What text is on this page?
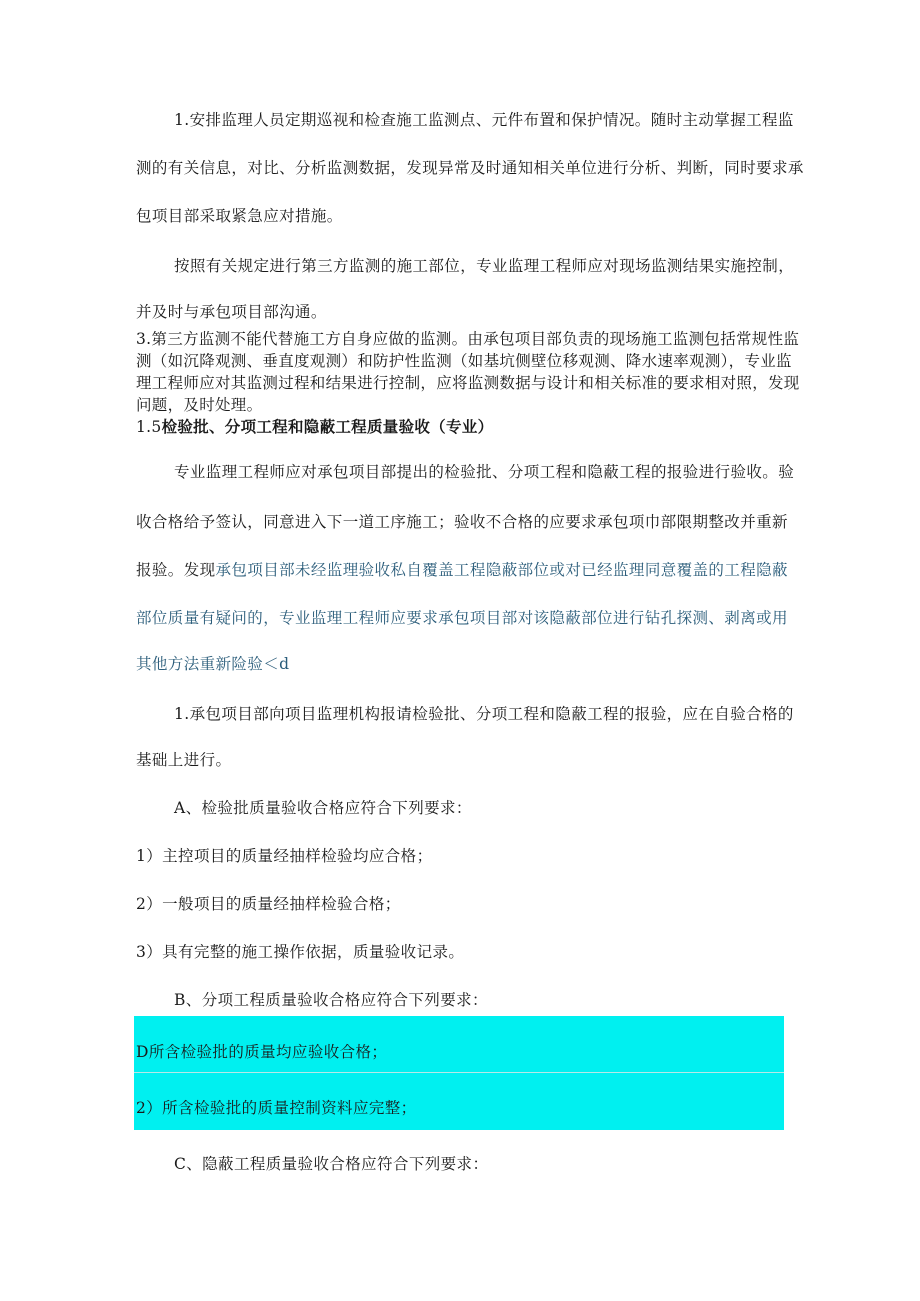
1.安排监理人员定期巡视和检查施工监测点、元件布置和保护情况。随时主动掌握工程监
测的有关信息，对比、分析监测数据，发现异常及时通知相关单位进行分析、判断，同时要求承
包项目部采取紧急应对措施。
按照有关规定进行第三方监测的施工部位，专业监理工程师应对现场监测结果实施控制，
并及时与承包项目部沟通。
3.第三方监测不能代替施工方自身应做的监测。由承包项目部负责的现场施工监测包括常规性监
测（如沉降观测、垂直度观测）和防护性监测（如基坑侧壁位移观测、降水速率观测），专业监
理工程师应对其监测过程和结果进行控制，应将监测数据与设计和相关标准的要求相对照，发现
问题，及时处理。
1.5检验批、分项工程和隐蔽工程质量验收（专业）
专业监理工程师应对承包项目部提出的检验批、分项工程和隐蔽工程的报验进行验收。验
收合格给予签认，同意进入下一道工序施工；验收不合格的应要求承包项巾部限期整改并重新
报验。发现承包项目部未经监理验收私自覆盖工程隐蔽部位或对已经监理同意覆盖的工程隐蔽
部位质量有疑问的，专业监理工程师应要求承包项目部对该隐蔽部位进行钻孔探测、剥离或用
其他方法重新险验＜d
1.承包项目部向项目监理机构报请检验批、分项工程和隐蔽工程的报验，应在自验合格的
基础上进行。
A、检验批质量验收合格应符合下列要求：
1）主控项目的质量经抽样检验均应合格；
2）一般项目的质量经抽样检验合格；
3）具有完整的施工操作依据，质量验收记录。
B、分项工程质量验收合格应符合下列要求：
D所含检验批的质量均应验收合格；
2）所含检验批的质量控制资料应完整；
C、隐蔽工程质量验收合格应符合下列要求：
